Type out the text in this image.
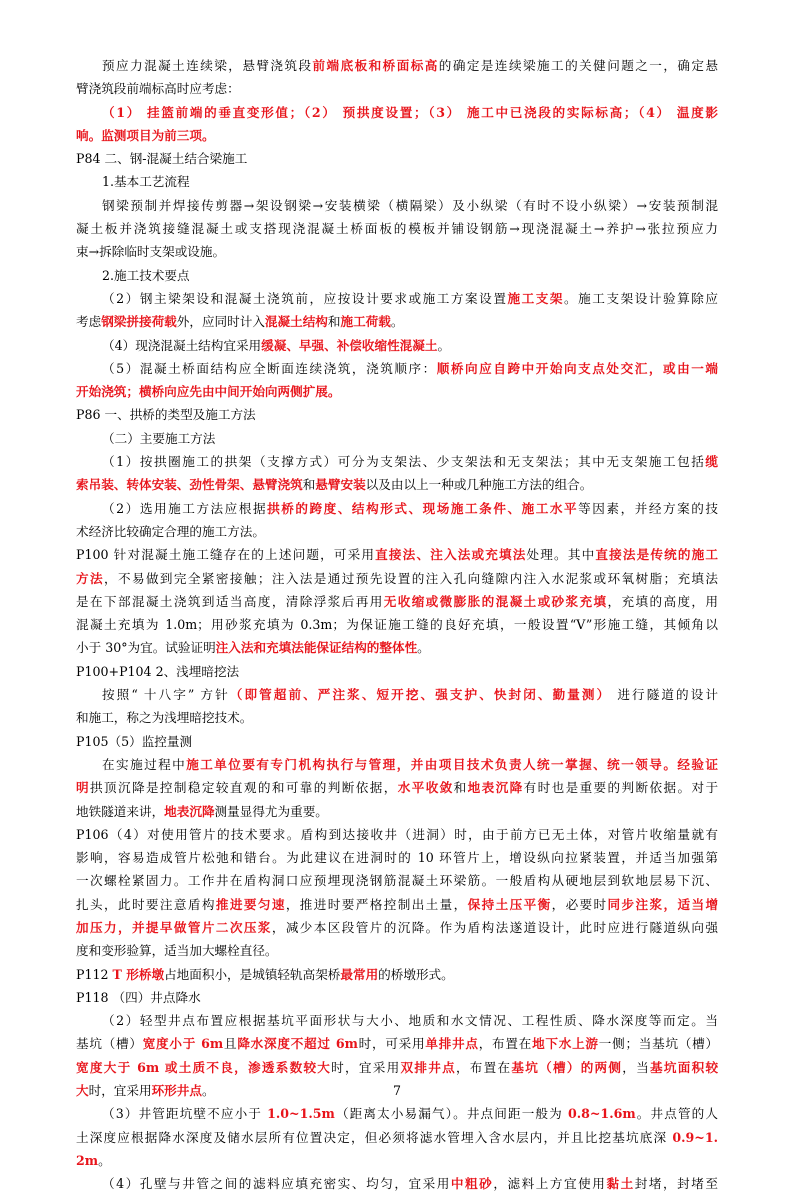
预应力混凝土连续梁，悬臂浇筑段前端底板和桥面标高的确定是连续梁施工的关健问题之一，确定悬

臂浇筑段前端标高时应考虑：

（1） 挂篮前端的垂直变形值；（2） 预拱度设置；（3） 施工中已浇段的实际标高；（4） 温度影

响。监测项目为前三项。

P84 二、钢-混凝土结合梁施工

1.基本工艺流程

钢梁预制并焊接传剪器→架设钢梁→安装横梁（横隔梁）及小纵梁（有时不设小纵梁）→安装预制混

凝土板并浇筑接缝混凝土或支搭现浇混凝土桥面板的模板并铺设钢筋→现浇混凝土→养护→张拉预应力

束→拆除临时支架或设施。

2.施工技术要点

（2）钢主梁架设和混凝土浇筑前，应按设计要求或施工方案设置施工支架。施工支架设计验算除应

考虑钢梁拼接荷载外，应同时计入混凝土结构和施工荷载。

（4）现浇混凝土结构宜采用缓凝、早强、补偿收缩性混凝土。

（5）混凝土桥面结构应全断面连续浇筑，浇筑顺序：顺桥向应自跨中开始向支点处交汇，或由一端

开始浇筑；横桥向应先由中间开始向两侧扩展。

P86 一、拱桥的类型及施工方法

（二）主要施工方法

（1）按拱圈施工的拱架（支撑方式）可分为支架法、少支架法和无支架法；其中无支架施工包括缆

索吊装、转体安装、劲性骨架、悬臂浇筑和悬臂安装以及由以上一种或几种施工方法的组合。

（2）选用施工方法应根据拱桥的跨度、结构形式、现场施工条件、施工水平等因素，并经方案的技

术经济比较确定合理的施工方法。

P100 针对混凝土施工缝存在的上述问题，可采用直接法、注入法或充填法处理。其中直接法是传统的施工

方法，不易做到完全紧密接触；注入法是通过预先设置的注入孔向缝隙内注入水泥浆或环氧树脂；充填法

是在下部混凝土浇筑到适当高度，清除浮浆后再用无收缩或微膨胀的混凝土或砂浆充填，充填的高度，用

混凝土充填为 1.0m；用砂浆充填为 0.3m；为保证施工缝的良好充填，一般设置“V”形施工缝，其倾角以

小于 30°为宜。试验证明注入法和充填法能保证结构的整体性。

P100+P104 2、浅埋暗挖法

按照“ 十八字” 方针（即管超前、严注浆、短开挖、强支护、快封闭、勤量测） 进行隧道的设计

和施工，称之为浅埋暗挖技术。

P105（5）监控量测

在实施过程中施工单位要有专门机构执行与管理，并由项目技术负责人统一掌握、统一领导。经验证

明拱顶沉降是控制稳定较直观的和可靠的判断依据，水平收敛和地表沉降有时也是重要的判断依据。对于

地铁隧道来讲，地表沉降测量显得尤为重要。

P106（4）对使用管片的技术要求。盾构到达接收井（进洞）时，由于前方已无土体，对管片收缩量就有

影响，容易造成管片松弛和错台。为此建议在进洞时的 10 环管片上，增设纵向拉紧装置，并适当加强第

一次螺栓紧固力。工作井在盾构洞口应预埋现浇钢筋混凝土环梁筋。一般盾构从硬地层到软地层易下沉、

扎头，此时要注意盾构推进要匀速，推进时要严格控制出土量，保持土压平衡，必要时同步注浆，适当增

加压力，并提早做管片二次压浆，减少本区段管片的沉降。作为盾构法遂道设计，此时应进行隧道纵向强

度和变形验算，适当加大螺栓直径。

P112 T 形桥墩占地面积小，是城镇轻轨高架桥最常用的桥墩形式。

P118 （四）井点降水

（2）轻型井点布置应根据基坑平面形状与大小、地质和水文情况、工程性质、降水深度等而定。当

基坑（槽）宽度小于 6m且降水深度不超过 6m时，可采用单排井点，布置在地下水上游一侧；当基坑（槽）

宽度大于 6m 或土质不良，渗透系数较大时，宜采用双排井点，布置在基坑（槽）的两侧，当基坑面积较

大时，宜采用环形井点。

（3）井管距坑壁不应小于 1.0~1.5m（距离太小易漏气）。井点间距一般为 0.8~1.6m。井点管的人

土深度应根据降水深度及储水层所有位置决定，但必须将滤水管埋入含水层内，并且比挖基坑底深 0.9~1.

2m。

（4）孔壁与井管之间的滤料应填充密实、均匀，宜采用中粗砂，滤料上方宜使用黏土封堵，封堵至

7
